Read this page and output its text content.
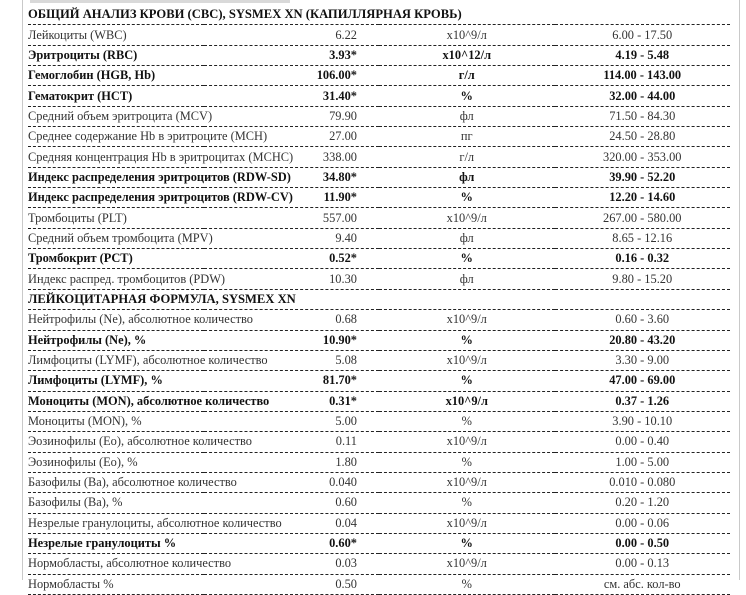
ОБЩИЙ АНАЛИЗ КРОВИ (CBC), SYSMEX XN (КАПИЛЛЯРНАЯ КРОВЬ)			
Лейкоциты (WBC)	6.22	x10^9/л	6.00 - 17.50
Эритроциты (RBC)	3.93*	x10^12/л	4.19 - 5.48
Гемоглобин (HGB, Hb)	106.00*	г/л	114.00 - 143.00
Гематокрит (HCT)	31.40*	%	32.00 - 44.00
Средний объем эритроцита (MCV)	79.90	фл	71.50 - 84.30
Среднее содержание Hb в эритроците (MCH)	27.00	пг	24.50 - 28.80
Средняя концентрация Hb в эритроцитах (MCHC)	338.00	г/л	320.00 - 353.00
Индекс распределения эритроцитов (RDW-SD)	34.80*	фл	39.90 - 52.20
Индекс распределения эритроцитов (RDW-CV)	11.90*	%	12.20 - 14.60
Тромбоциты (PLT)	557.00	x10^9/л	267.00 - 580.00
Средний объем тромбоцита (MPV)	9.40	фл	8.65 - 12.16
Тромбокрит (PCT)	0.52*	%	0.16 - 0.32
Индекс распред. тромбоцитов (PDW)	10.30	фл	9.80 - 15.20
ЛЕЙКОЦИТАРНАЯ ФОРМУЛА, SYSMEX XN			
Нейтрофилы (Ne), абсолютное количество	0.68	x10^9/л	0.60 - 3.60
Нейтрофилы (Ne), %	10.90*	%	20.80 - 43.20
Лимфоциты (LYMF), абсолютное количество	5.08	x10^9/л	3.30 - 9.00
Лимфоциты (LYMF), %	81.70*	%	47.00 - 69.00
Моноциты (MON), абсолютное количество	0.31*	x10^9/л	0.37 - 1.26
Моноциты (MON), %	5.00	%	3.90 - 10.10
Эозинофилы (Eo), абсолютное количество	0.11	x10^9/л	0.00 - 0.40
Эозинофилы (Eo), %	1.80	%	1.00 - 5.00
Базофилы (Ba), абсолютное количество	0.040	x10^9/л	0.010 - 0.080
Базофилы (Ba), %	0.60	%	0.20 - 1.20
Незрелые гранулоциты, абсолютное количество	0.04	x10^9/л	0.00 - 0.06
Незрелые гранулоциты %	0.60*	%	0.00 - 0.50
Нормобласты, абсолютное количество	0.03	x10^9/л	0.00 - 0.13
Нормобласты %	0.50	%	см. абс. кол-во
